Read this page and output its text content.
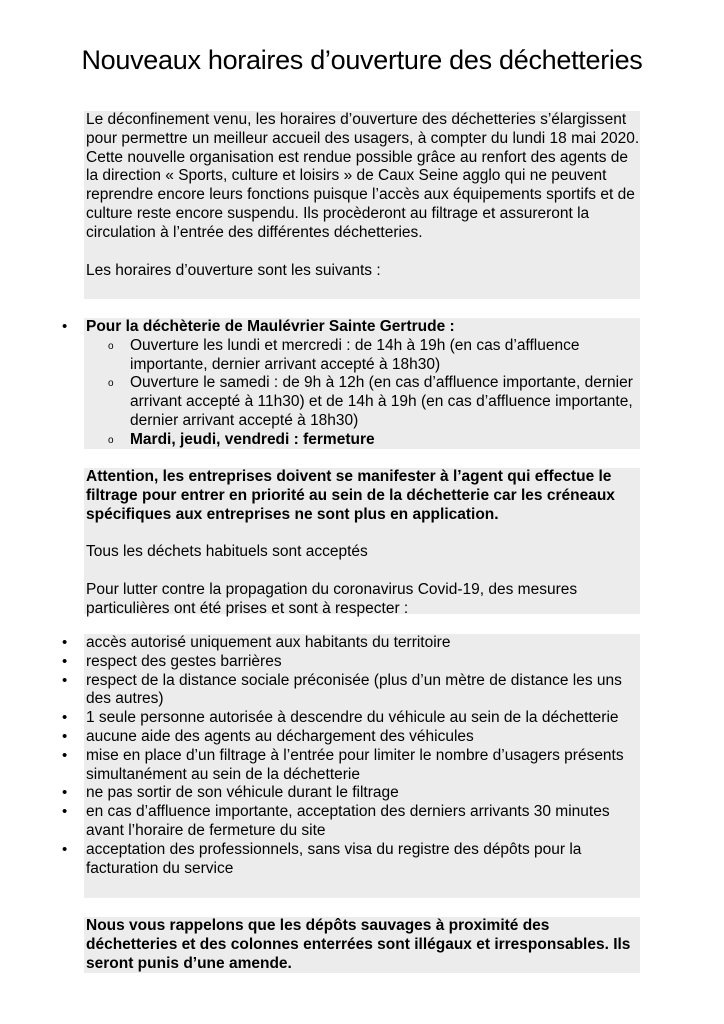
Nouveaux horaires d’ouverture des déchetteries

Le déconfinement venu, les horaires d’ouverture des déchetteries s’élargissent pour permettre un meilleur accueil des usagers, à compter du lundi 18 mai 2020. Cette nouvelle organisation est rendue possible grâce au renfort des agents de la direction « Sports, culture et loisirs » de Caux Seine agglo qui ne peuvent reprendre encore leurs fonctions puisque l’accès aux équipements sportifs et de culture reste encore suspendu. Ils procèderont au filtrage et assureront la circulation à l’entrée des différentes déchetteries.

Les horaires d’ouverture sont les suivants :

• Pour la déchèterie de Maulévrier Sainte Gertrude :
o Ouverture les lundi et mercredi : de 14h à 19h (en cas d’affluence importante, dernier arrivant accepté à 18h30)
o Ouverture le samedi : de 9h à 12h (en cas d’affluence importante, dernier arrivant accepté à 11h30) et de 14h à 19h (en cas d’affluence importante, dernier arrivant accepté à 18h30)
o Mardi, jeudi, vendredi : fermeture

Attention, les entreprises doivent se manifester à l’agent qui effectue le filtrage pour entrer en priorité au sein de la déchetterie car les créneaux spécifiques aux entreprises ne sont plus en application.

Tous les déchets habituels sont acceptés

Pour lutter contre la propagation du coronavirus Covid-19, des mesures particulières ont été prises et sont à respecter :

• accès autorisé uniquement aux habitants du territoire
• respect des gestes barrières
• respect de la distance sociale préconisée (plus d’un mètre de distance les uns des autres)
• 1 seule personne autorisée à descendre du véhicule au sein de la déchetterie
• aucune aide des agents au déchargement des véhicules
• mise en place d’un filtrage à l’entrée pour limiter le nombre d’usagers présents simultanément au sein de la déchetterie
• ne pas sortir de son véhicule durant le filtrage
• en cas d’affluence importante, acceptation des derniers arrivants 30 minutes avant l’horaire de fermeture du site
• acceptation des professionnels, sans visa du registre des dépôts pour la facturation du service

Nous vous rappelons que les dépôts sauvages à proximité des déchetteries et des colonnes enterrées sont illégaux et irresponsables. Ils seront punis d’une amende.
